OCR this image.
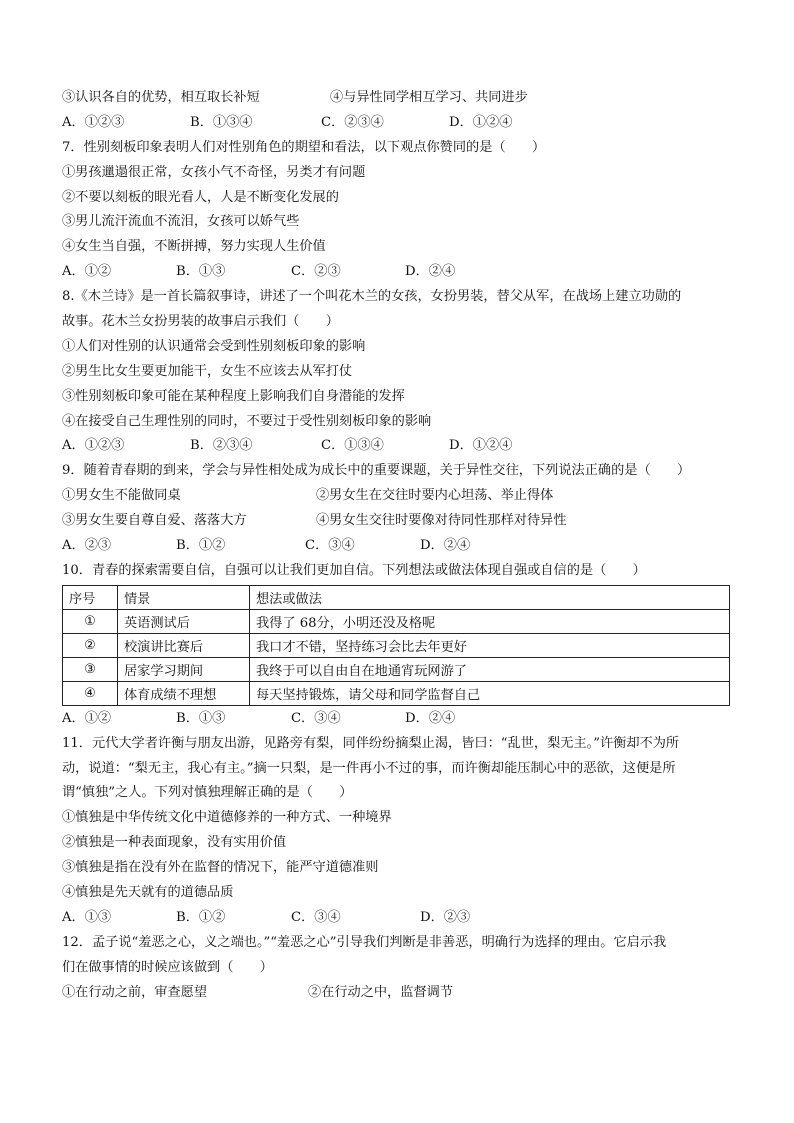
③认识各自的优势，相互取长补短	④与异性同学相互学习、共同进步
A．①②③	B．①③④	C．②③④	D．①②④
7．性别刻板印象表明人们对性别角色的期望和看法，以下观点你赞同的是（　　）
①男孩邋遢很正常，女孩小气不奇怪，另类才有问题
②不要以刻板的眼光看人，人是不断变化发展的
③男儿流汗流血不流泪，女孩可以娇气些
④女生当自强，不断拼搏，努力实现人生价值
A．①②	B．①③	C．②③	D．②④
8.《木兰诗》是一首长篇叙事诗，讲述了一个叫花木兰的女孩，女扮男装，替父从军，在战场上建立功勋的
故事。花木兰女扮男装的故事启示我们（　　）
①人们对性别的认识通常会受到性别刻板印象的影响
②男生比女生要更加能干，女生不应该去从军打仗
③性别刻板印象可能在某种程度上影响我们自身潜能的发挥
④在接受自己生理性别的同时，不要过于受性别刻板印象的影响
A．①②③	B．②③④	C．①③④	D．①②④
9．随着青春期的到来，学会与异性相处成为成长中的重要课题，关于异性交往，下列说法正确的是（　　）
①男女生不能做同桌	②男女生在交往时要内心坦荡、举止得体
③男女生要自尊自爱、落落大方	④男女生交往时要像对待同性那样对待异性
A．②③	B．①②	C．③④	D．②④
10．青春的探索需要自信，自强可以让我们更加自信。下列想法或做法体现自强或自信的是（　　）
序号	情景	想法或做法
①	英语测试后	我得了 68分，小明还没及格呢
②	校演讲比赛后	我口才不错，坚持练习会比去年更好
③	居家学习期间	我终于可以自由自在地通宵玩网游了
④	体育成绩不理想	每天坚持锻炼，请父母和同学监督自己
A．①②	B．①③	C．③④	D．②④
11．元代大学者许衡与朋友出游，见路旁有梨，同伴纷纷摘梨止渴，皆曰：“乱世，梨无主。”许衡却不为所
动，说道：“梨无主，我心有主。”摘一只梨，是一件再小不过的事，而许衡却能压制心中的恶欲，这便是所
谓“慎独”之人。下列对慎独理解正确的是（　　）
①慎独是中华传统文化中道德修养的一种方式、一种境界
②慎独是一种表面现象，没有实用价值
③慎独是指在没有外在监督的情况下，能严守道德准则
④慎独是先天就有的道德品质
A．①③	B．①②	C．③④	D．②③
12．孟子说“羞恶之心，义之端也。”“羞恶之心”引导我们判断是非善恶，明确行为选择的理由。它启示我
们在做事情的时候应该做到（　　）
①在行动之前，审查愿望	②在行动之中，监督调节
